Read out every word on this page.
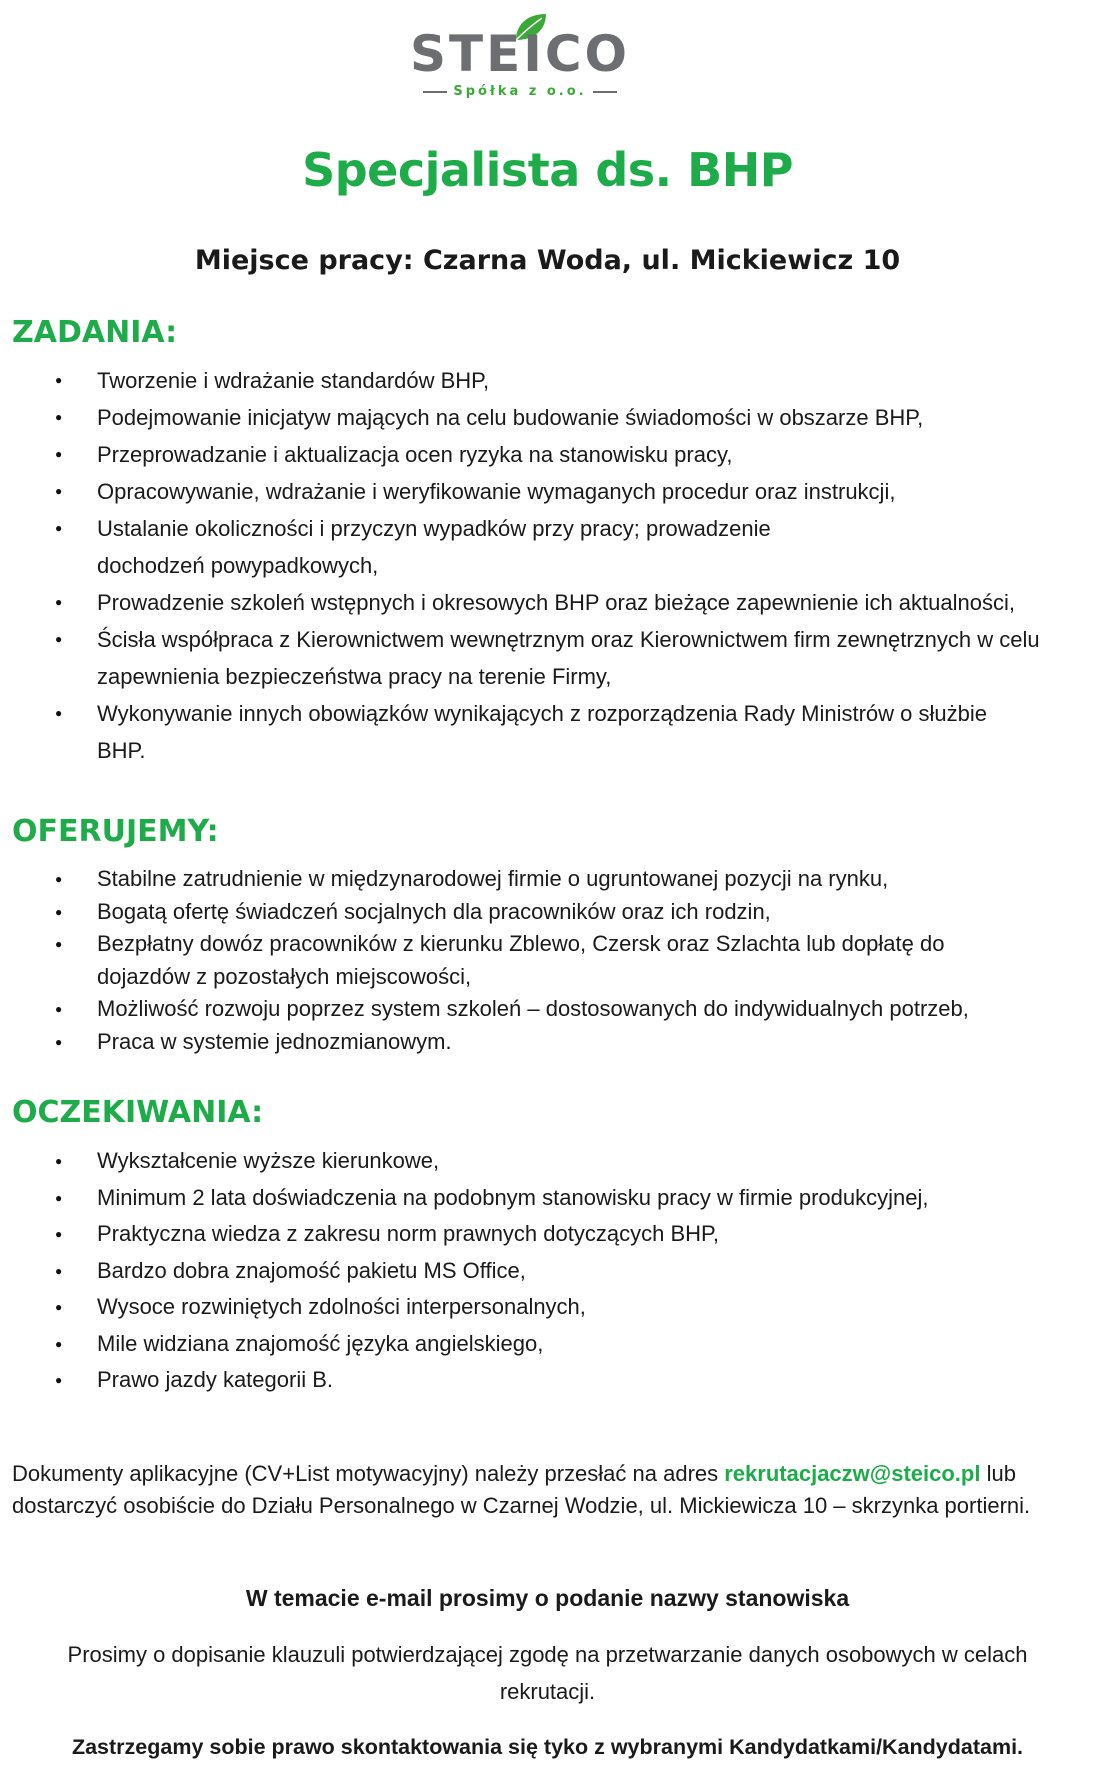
STEICO
Spółka z o.o.
Specjalista ds. BHP
Miejsce pracy: Czarna Woda, ul. Mickiewicz 10
ZADANIA:
● Tworzenie i wdrażanie standardów BHP,
● Podejmowanie inicjatyw mających na celu budowanie świadomości w obszarze BHP,
● Przeprowadzanie i aktualizacja ocen ryzyka na stanowisku pracy,
● Opracowywanie, wdrażanie i weryfikowanie wymaganych procedur oraz instrukcji,
● Ustalanie okoliczności i przyczyn wypadków przy pracy; prowadzenie dochodzeń powypadkowych,
● Prowadzenie szkoleń wstępnych i okresowych BHP oraz bieżące zapewnienie ich aktualności,
● Ścisła współpraca z Kierownictwem wewnętrznym oraz Kierownictwem firm zewnętrznych w celu zapewnienia bezpieczeństwa pracy na terenie Firmy,
● Wykonywanie innych obowiązków wynikających z rozporządzenia Rady Ministrów o służbie BHP.
OFERUJEMY:
● Stabilne zatrudnienie w międzynarodowej firmie o ugruntowanej pozycji na rynku,
● Bogatą ofertę świadczeń socjalnych dla pracowników oraz ich rodzin,
● Bezpłatny dowóz pracowników z kierunku Zblewo, Czersk oraz Szlachta lub dopłatę do dojazdów z pozostałych miejscowości,
● Możliwość rozwoju poprzez system szkoleń – dostosowanych do indywidualnych potrzeb,
● Praca w systemie jednozmianowym.
OCZEKIWANIA:
● Wykształcenie wyższe kierunkowe,
● Minimum 2 lata doświadczenia na podobnym stanowisku pracy w firmie produkcyjnej,
● Praktyczna wiedza z zakresu norm prawnych dotyczących BHP,
● Bardzo dobra znajomość pakietu MS Office,
● Wysoce rozwiniętych zdolności interpersonalnych,
● Mile widziana znajomość języka angielskiego,
● Prawo jazdy kategorii B.
Dokumenty aplikacyjne (CV+List motywacyjny) należy przesłać na adres rekrutacjaczw@steico.pl lub dostarczyć osobiście do Działu Personalnego w Czarnej Wodzie, ul. Mickiewicza 10 – skrzynka portierni.
W temacie e-mail prosimy o podanie nazwy stanowiska
Prosimy o dopisanie klauzuli potwierdzającej zgodę na przetwarzanie danych osobowych w celach rekrutacji.
Zastrzegamy sobie prawo skontaktowania się tyko z wybranymi Kandydatkami/Kandydatami.
